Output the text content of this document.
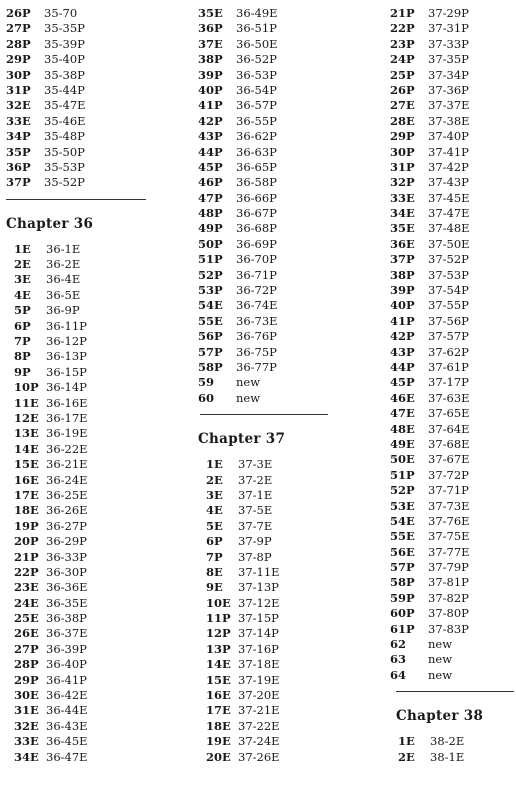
26P 35-70
27P 35-35P
28P 35-39P
29P 35-40P
30P 35-38P
31P 35-44P
32E 35-47E
33E 35-46E
34P 35-48P
35P 35-50P
36P 35-53P
37P 35-52P
Chapter 36
1E 36-1E
2E 36-2E
3E 36-4E
4E 36-5E
5P 36-9P
6P 36-11P
7P 36-12P
8P 36-13P
9P 36-15P
10P 36-14P
11E 36-16E
12E 36-17E
13E 36-19E
14E 36-22E
15E 36-21E
16E 36-24E
17E 36-25E
18E 36-26E
19P 36-27P
20P 36-29P
21P 36-33P
22P 36-30P
23E 36-36E
24E 36-35E
25E 36-38P
26E 36-37E
27P 36-39P
28P 36-40P
29P 36-41P
30E 36-42E
31E 36-44E
32E 36-43E
33E 36-45E
34E 36-47E
35E 36-49E
36P 36-51P
37E 36-50E
38P 36-52P
39P 36-53P
40P 36-54P
41P 36-57P
42P 36-55P
43P 36-62P
44P 36-63P
45P 36-65P
46P 36-58P
47P 36-66P
48P 36-67P
49P 36-68P
50P 36-69P
51P 36-70P
52P 36-71P
53P 36-72P
54E 36-74E
55E 36-73E
56P 36-76P
57P 36-75P
58P 36-77P
59 new
60 new
Chapter 37
1E 37-3E
2E 37-2E
3E 37-1E
4E 37-5E
5E 37-7E
6P 37-9P
7P 37-8P
8E 37-11E
9E 37-13P
10E 37-12E
11P 37-15P
12P 37-14P
13P 37-16P
14E 37-18E
15E 37-19E
16E 37-20E
17E 37-21E
18E 37-22E
19E 37-24E
20E 37-26E
21P 37-29P
22P 37-31P
23P 37-33P
24P 37-35P
25P 37-34P
26P 37-36P
27E 37-37E
28E 37-38E
29P 37-40P
30P 37-41P
31P 37-42P
32P 37-43P
33E 37-45E
34E 37-47E
35E 37-48E
36E 37-50E
37P 37-52P
38P 37-53P
39P 37-54P
40P 37-55P
41P 37-56P
42P 37-57P
43P 37-62P
44P 37-61P
45P 37-17P
46E 37-63E
47E 37-65E
48E 37-64E
49E 37-68E
50E 37-67E
51P 37-72P
52P 37-71P
53E 37-73E
54E 37-76E
55E 37-75E
56E 37-77E
57P 37-79P
58P 37-81P
59P 37-82P
60P 37-80P
61P 37-83P
62 new
63 new
64 new
Chapter 38
1E 38-2E
2E 38-1E
